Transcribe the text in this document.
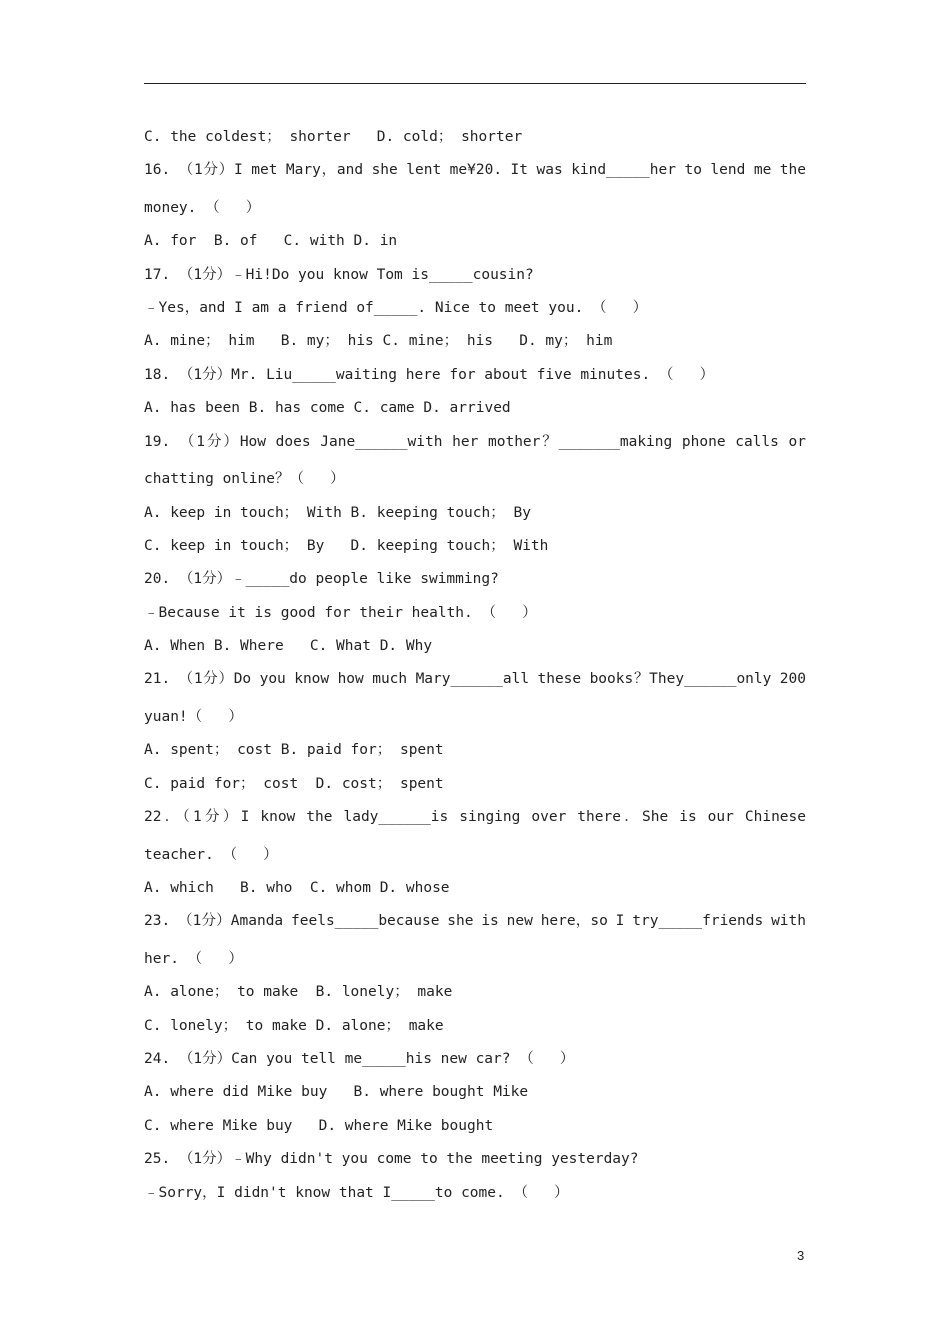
C. the coldest； shorter   D. cold； shorter
16. （1分）I met Mary，and she lent me¥20. It was kind_____her to lend me the
money. （   ）
A. for  B. of   C. with D. in
17. （1分）﹣Hi!Do you know Tom is_____cousin?
﹣Yes，and I am a friend of_____. Nice to meet you. （   ）
A. mine； him   B. my； his C. mine； his   D. my； him
18. （1分）Mr. Liu_____waiting here for about five minutes. （   ）
A. has been B. has come C. came D. arrived
19. （1分）How does Jane______with her mother？_______making phone calls or
chatting online？（   ）
A. keep in touch； With B. keeping touch； By
C. keep in touch； By   D. keeping touch； With
20. （1分）﹣_____do people like swimming?
﹣Because it is good for their health. （   ）
A. When B. Where   C. What D. Why
21. （1分）Do you know how much Mary______all these books？They______only 200
yuan!（   ）
A. spent； cost B. paid for； spent
C. paid for； cost  D. cost； spent
22．（1分）I know the lady______is singing over there．She is our Chinese
teacher. （   ）
A. which   B. who  C. whom D. whose
23. （1分）Amanda feels_____because she is new here，so I try_____friends with
her. （   ）
A. alone； to make  B. lonely； make
C. lonely； to make D. alone； make
24. （1分）Can you tell me_____his new car? （   ）
A. where did Mike buy   B. where bought Mike
C. where Mike buy   D. where Mike bought
25. （1分）﹣Why didn't you come to the meeting yesterday?
﹣Sorry，I didn't know that I_____to come. （   ）
3
